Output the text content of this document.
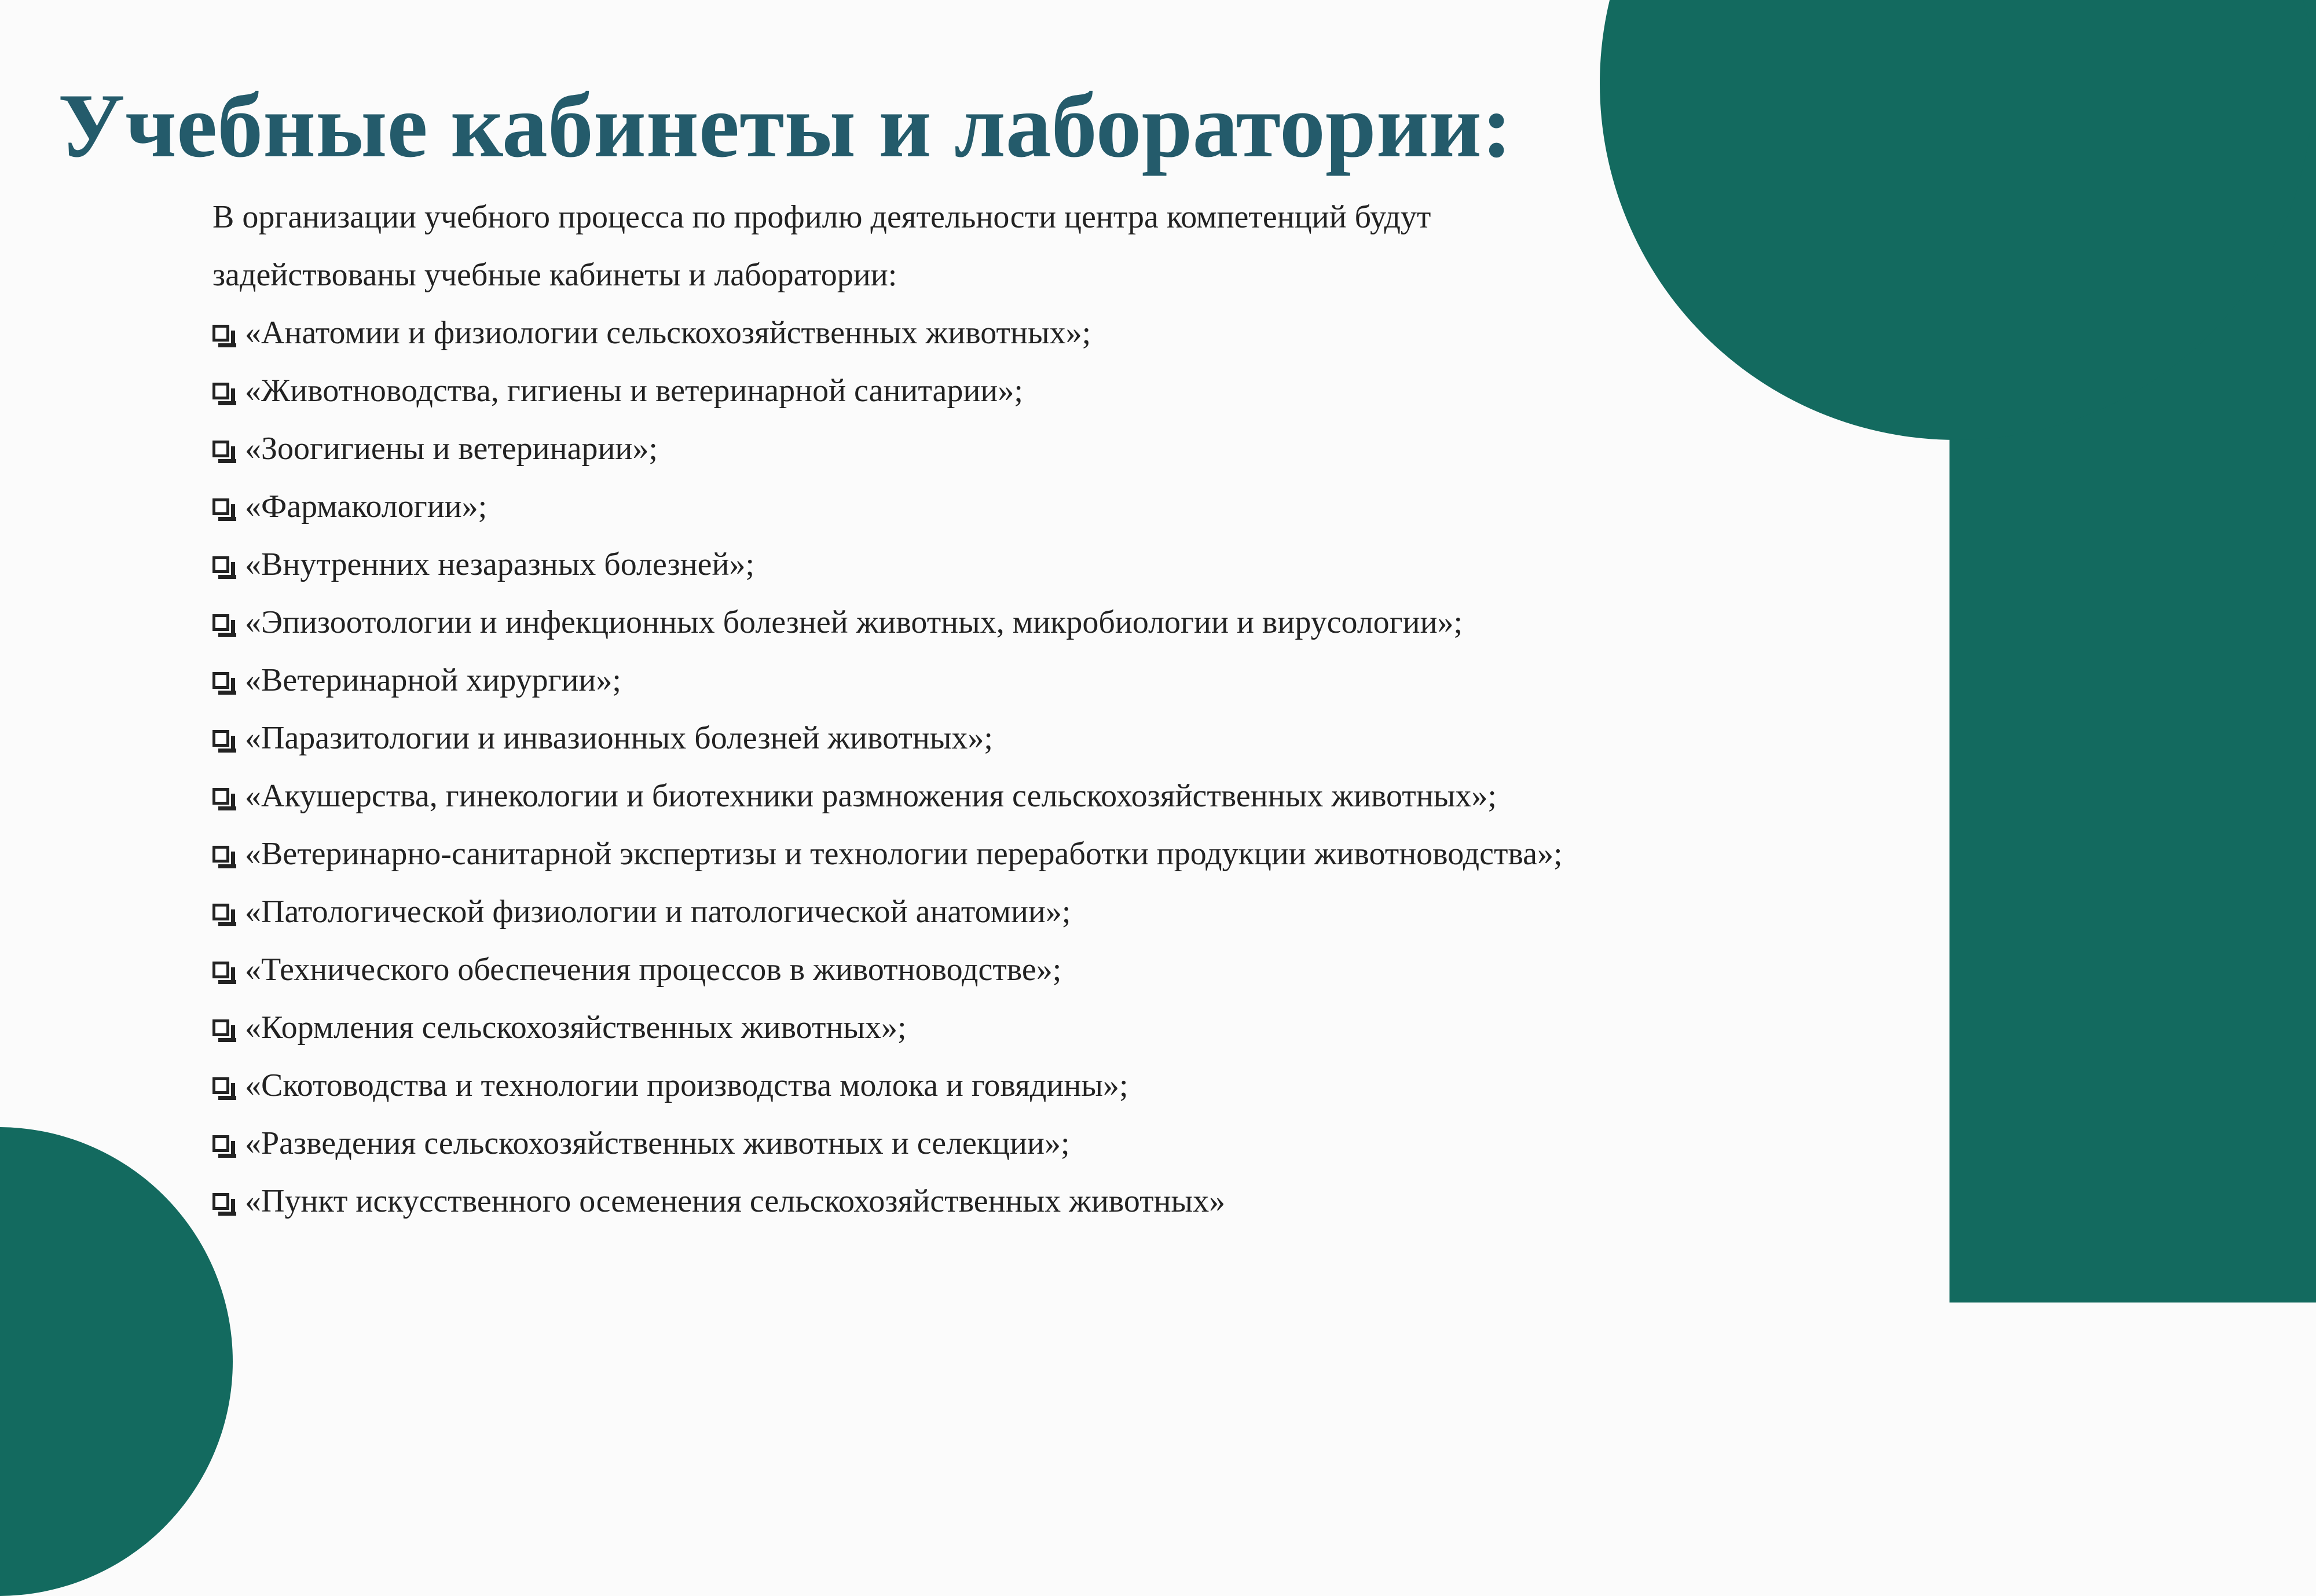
Учебные кабинеты и лаборатории:
В организации учебного процесса по профилю деятельности центра компетенций будут
задействованы учебные кабинеты и лаборатории:
«Анатомии и физиологии сельскохозяйственных животных»;
«Животноводства, гигиены и ветеринарной санитарии»;
«Зоогигиены и ветеринарии»;
«Фармакологии»;
«Внутренних незаразных болезней»;
«Эпизоотологии и инфекционных болезней животных, микробиологии и вирусологии»;
«Ветеринарной хирургии»;
«Паразитологии и инвазионных болезней животных»;
«Акушерства, гинекологии и биотехники размножения сельскохозяйственных животных»;
«Ветеринарно-санитарной экспертизы и технологии переработки продукции животноводства»;
«Патологической физиологии и патологической анатомии»;
«Технического обеспечения процессов в животноводстве»;
«Кормления сельскохозяйственных животных»;
«Скотоводства и технологии производства молока и говядины»;
«Разведения сельскохозяйственных животных и селекции»;
«Пункт искусственного осеменения сельскохозяйственных животных»
